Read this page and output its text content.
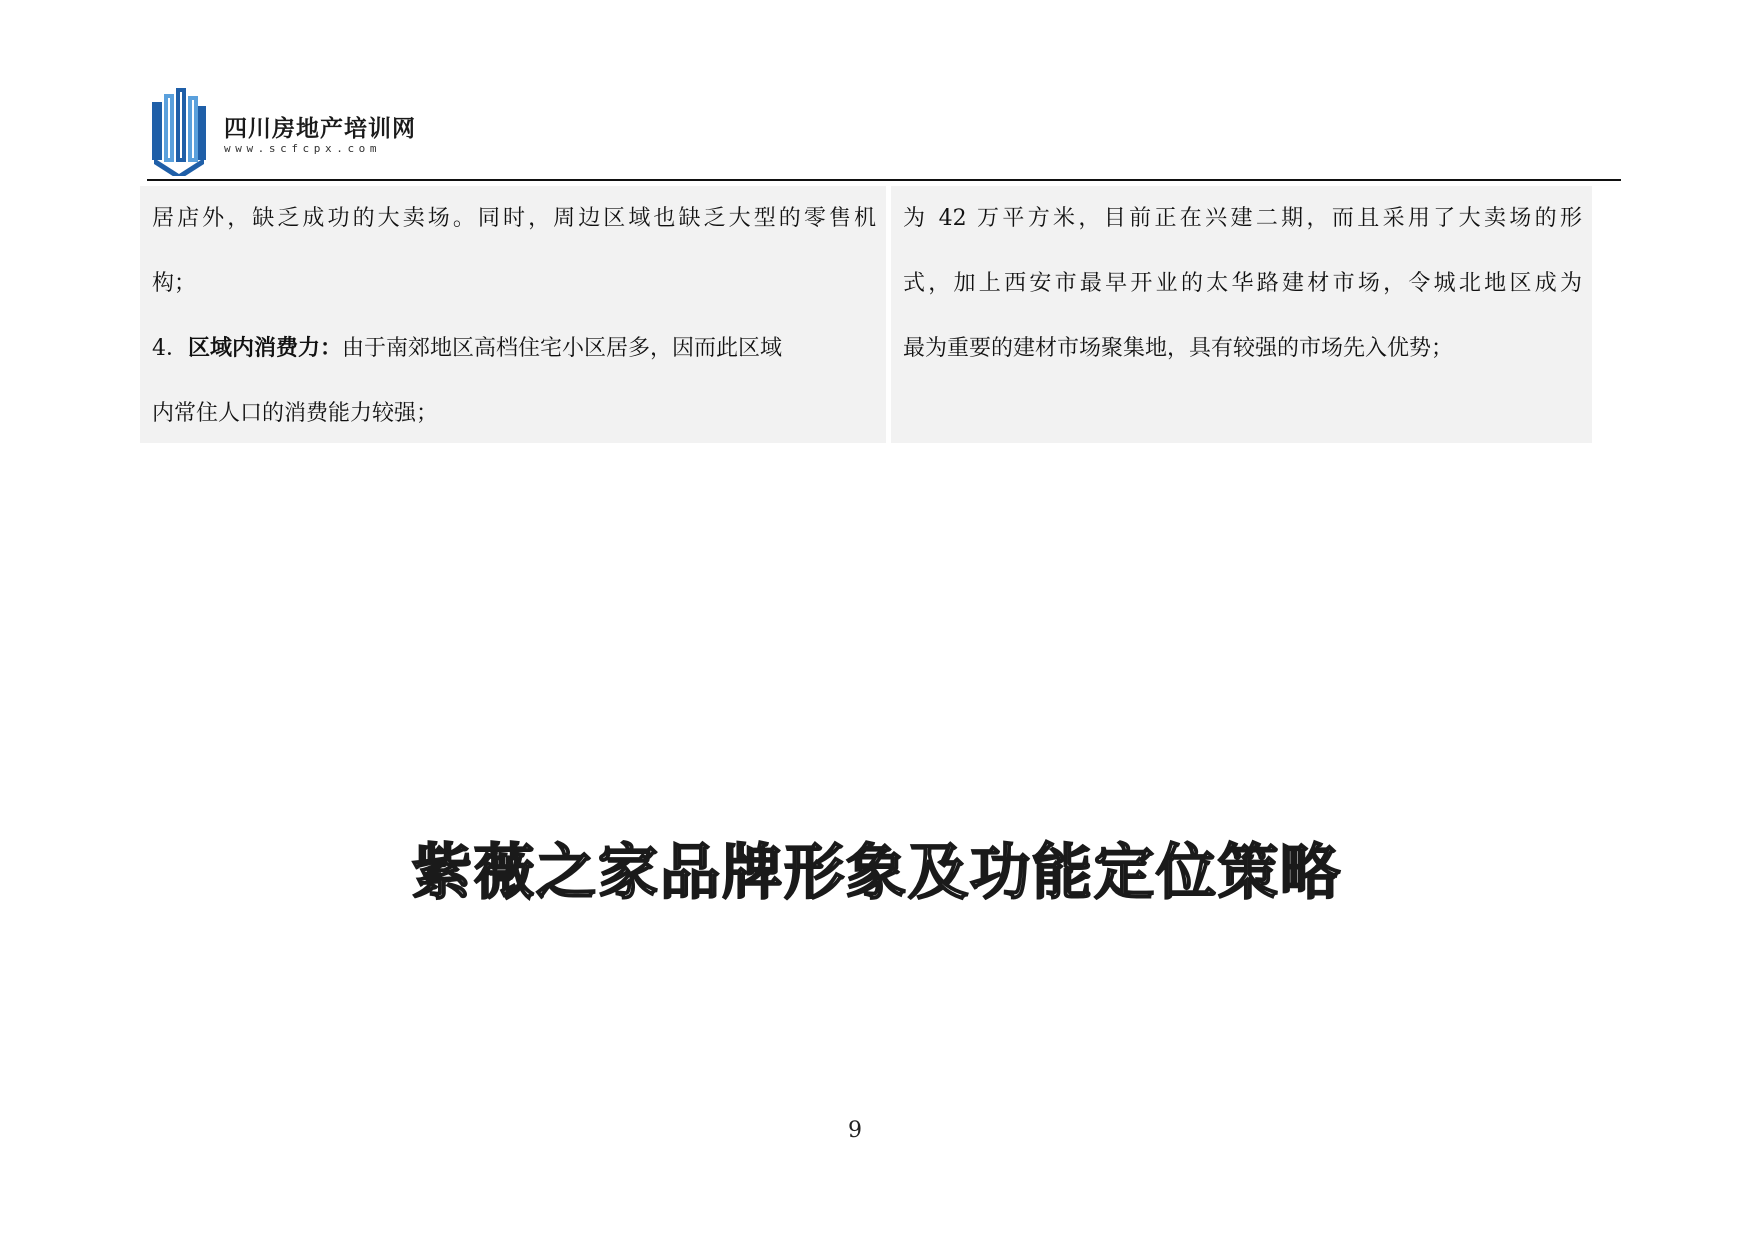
四川房地产培训网
www.scfcpx.com
居店外，缺乏成功的大卖场。同时，周边区域也缺乏大型的零售机
构；
4．区域内消费力：由于南郊地区高档住宅小区居多，因而此区域
内常住人口的消费能力较强；
为 42 万平方米，目前正在兴建二期，而且采用了大卖场的形
式，加上西安市最早开业的太华路建材市场，令城北地区成为
最为重要的建材市场聚集地，具有较强的市场先入优势；
紫薇之家品牌形象及功能定位策略
9
